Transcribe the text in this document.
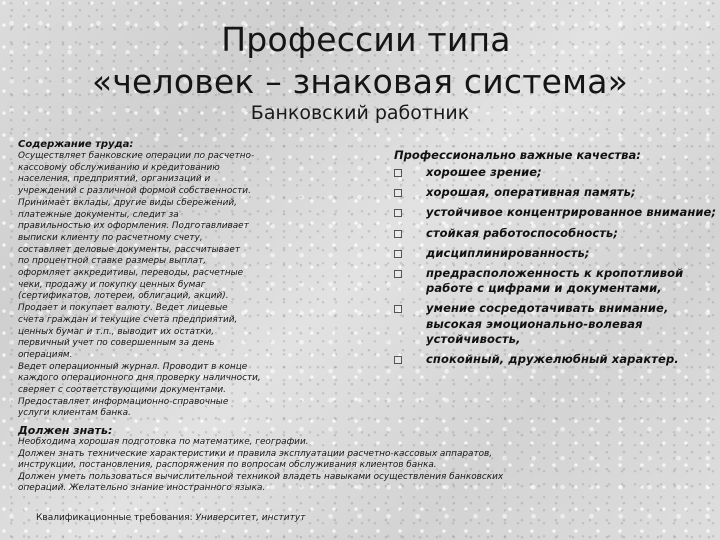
Профессии типа
«человек – знаковая система»
Банковский работник
Содержание труда:
Осуществляет банковские операции по расчетно-
кассовому обслуживанию и кредитованию
населения, предприятий, организаций и
учреждений с различной формой собственности.
Принимает вклады, другие виды сбережений,
платежные документы, следит за
правильностью их оформления. Подготавливает
выписки клиенту по расчетному счету,
составляет деловые документы, рассчитывает
по процентной ставке размеры выплат,
оформляет аккредитивы, переводы, расчетные
чеки, продажу и покупку ценных бумаг
(сертификатов, лотереи, облигаций, акций).
Продает и покупает валюту. Ведет лицевые
счета граждан и текущие счета предприятий,
ценных бумаг и т.п., выводит их остатки,
первичный учет по совершенным за день
операциям.
Ведет операционный журнал. Проводит в конце
каждого операционного дня проверку наличности,
сверяет с соответствующими документами.
Предоставляет информационно-справочные
услуги клиентам банка.
Профессионально важные качества:
хорошее зрение;
хорошая, оперативная память;
устойчивое концентрированное внимание;
стойкая работоспособность;
дисциплинированность;
предрасположенность к кропотливой работе с цифрами и документами,
умение сосредотачивать внимание, высокая эмоционально-волевая устойчивость,
спокойный, дружелюбный характер.
Должен знать:
Необходима хорошая подготовка по математике, географии.
Должен знать технические характеристики и правила эксплуатации расчетно-кассовых аппаратов,
инструкции, постановления, распоряжения по вопросам обслуживания клиентов банка.
Должен уметь пользоваться вычислительной техникой владеть навыками осуществления банковских
операций. Желательно знание иностранного языка.
Квалификационные требования: Университет, институт
